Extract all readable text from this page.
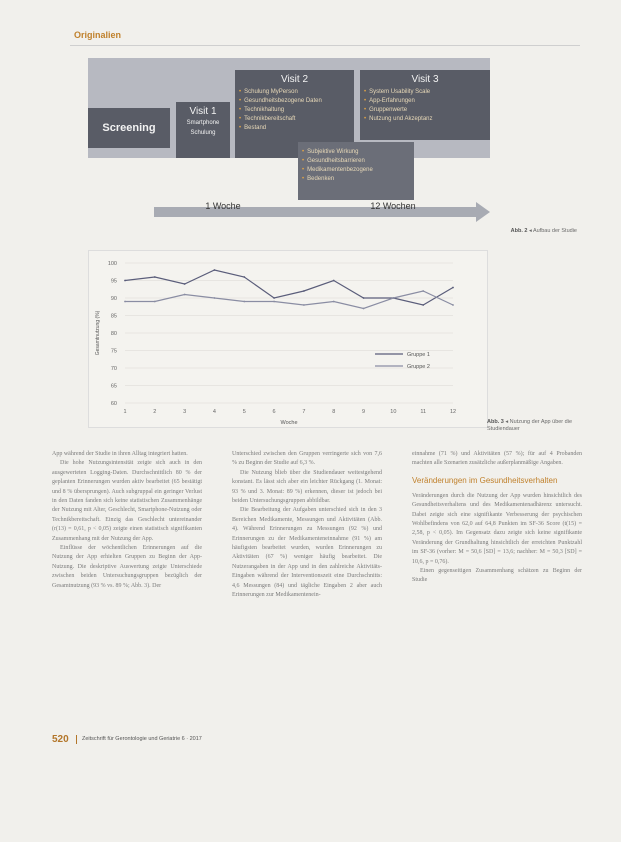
Originalien
Screening
Visit 1
Smartphone
Schulung
Visit 2
• Schulung MyPerson
• Gesundheitsbezogene Daten
• Technikhaltung
• Technikbereitschaft
• Bestand
Visit 3
• System Usability Scale
• App-Erfahrungen
• Gruppenwerte
• Nutzung und Akzeptanz
• Subjektive Wirkung
• Gesundheitsbarrieren
• Medikamentenbezogene
• Bedenken
1 Woche	12 Wochen
Abb. 2 ◂ Aufbau der Studie
100
95
90
85
80
75
70
65
60
1	2	3	4	5	6	7	8	9	10	11	12
Woche
Gesamtnutzung (%)	Gruppe 1
Gruppe 2
Abb. 3 ◂ Nutzung der App über die Studiendauer

App während der Studie in ihren Alltag integriert hatten.

Die hohe Nutzungsintensität zeigte sich auch in den ausgewerteten Logging-Daten. Durchschnittlich 80 % der geplanten Erinnerungen wurden aktiv bearbeitet (65 bestätigt und 8 % übersprungen). Auch subgruppal ein geringer Verlust in den Daten fanden sich keine statistischen Zusammenhänge der Nutzung mit Alter, Geschlecht, Smartphone-Nutzung oder Technikbereitschaft. Einzig das Geschlecht untereinander (r(13) = 0,61, p < 0,05) zeigte einen statistisch signifikanten Zusammenhang mit der Nutzung der App.

Einflüsse der wöchentlichen Erinnerungen auf die Nutzung der App erhielten Gruppen zu Beginn der App-Nutzung. Die deskriptive Auswertung zeigte Unterschiede zwischen beiden Untersuchungsgruppen bezüglich der Gesamtnutzung (93 % vs. 89 %; Abb. 3). Der

Unterschied zwischen den Gruppen verringerte sich von 7,6 % zu Beginn der Studie auf 6,3 %.

Die Nutzung blieb über die Studiendauer weitestgehend konstant. Es lässt sich aber ein leichter Rückgang (1. Monat: 93 % und 3. Monat: 89 %) erkennen, dieser ist jedoch bei beiden Untersuchungsgruppen abbildbar.

Die Bearbeitung der Aufgaben unterschied sich in den 3 Bereichen Medikamente, Messungen und Aktivitäten (Abb. 4). Während Erinnerungen zu Messungen (92 %) und Erinnerungen zu der Medikamenteneinnahme (91 %) am häufigsten bearbeitet wurden, wurden Erinnerungen zu Aktivitäten (67 %) weniger häufig bearbeitet. Die Nutzerangaben in der App und in den zahlreiche Aktivitäts-Eingaben während der Interventionszeit eine Durchschnitts: 4,6 Messungen (84) und tägliche Eingaben 2 aber auch Erinnerungen zur Medikamentenein-

einnahme (71 %) und Aktivitäten (57 %); für auf 4 Probanden machten alle Szenarien zusätzliche außerplanmäßige Angaben.

Veränderungen im Gesundheitsverhalten

Veränderungen durch die Nutzung der App wurden hinsichtlich des Gesundheitsverhaltens und des Medikamentenadhärenz untersucht. Dabei zeigte sich eine signifikante Verbesserung der psychischen Wohlbefindens von 62,0 auf 64,8 Punkten im SF-36 Score (t(15) = 2,58, p < 0,05). Im Gegensatz dazu zeigte sich keine signifikante Veränderung der Grundhaltung hinsichtlich der erreichten Punktzahl im SF-36 (vorher: M = 50,6 [SD] = 13,6; nachher: M = 50,3 [SD] = 10,6, p = 0,76).

Einen gegenseitigen Zusammenhang schätzen zu Beginn der Studie

520 Zeitschrift für Gerontologie und Geriatrie 6 · 2017
